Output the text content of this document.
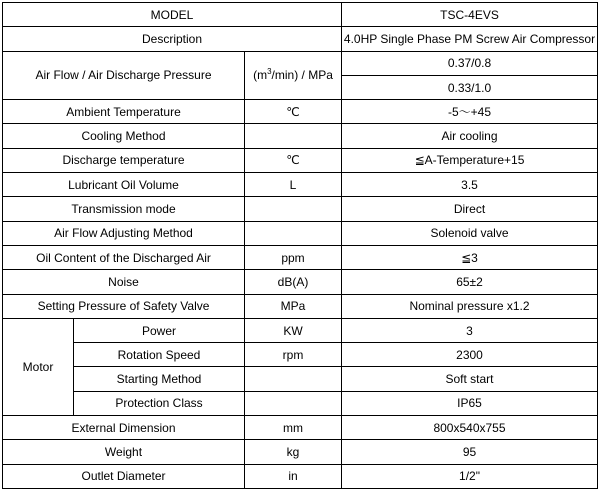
MODEL			TSC-4EVS
Description			4.0HP Single Phase PM Screw Air Compressor
Air Flow / Air Discharge Pressure		$(m^3/\min)$ / MPa	0.37/0.8
			0.33/1.0
Ambient Temperature		℃	-5～+45
Cooling Method			Air cooling
Discharge temperature		℃	≦A-Temperature+15
Lubricant Oil Volume		L	3.5
Transmission mode			Direct
Air Flow Adjusting Method			Solenoid valve
Oil Content of the Discharged Air		ppm	≦3
Noise		dB(A)	65±2
Setting Pressure of Safety Valve		MPa	Nominal pressure x1.2
Motor	Power	KW	3
	Rotation Speed	rpm	2300
	Starting Method		Soft start
	Protection Class		IP65
External Dimension		mm	800x540x755
Weight		kg	95
Outlet Diameter		in	1/2"
